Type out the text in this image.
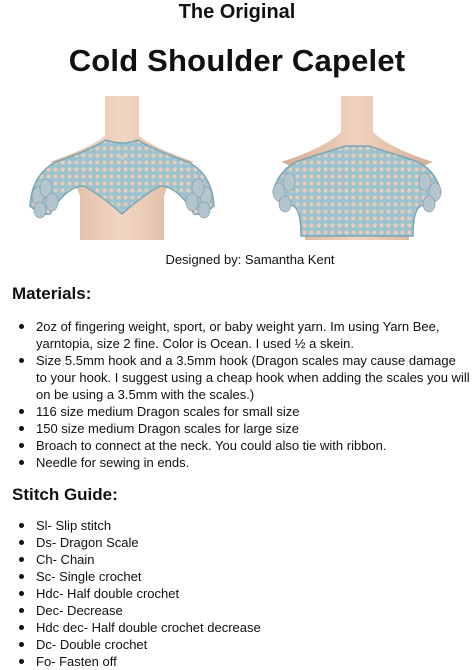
The Original
Cold Shoulder Capelet
Designed by: Samantha Kent
Materials:
2oz of fingering weight, sport, or baby weight yarn. Im using Yarn Bee, yarntopia, size 2 fine. Color is Ocean. I used ½ a skein.
Size 5.5mm hook and a 3.5mm hook (Dragon scales may cause damage to your hook. I suggest using a cheap hook when adding the scales you will on be using a 3.5mm with the scales.)
116 size medium Dragon scales for small size
150 size medium Dragon scales for large size
Broach to connect at the neck. You could also tie with ribbon.
Needle for sewing in ends.
Stitch Guide:
Sl- Slip stitch
Ds- Dragon Scale
Ch- Chain
Sc- Single crochet
Hdc- Half double crochet
Dec- Decrease
Hdc dec- Half double crochet decrease
Dc- Double crochet
Fo- Fasten off
